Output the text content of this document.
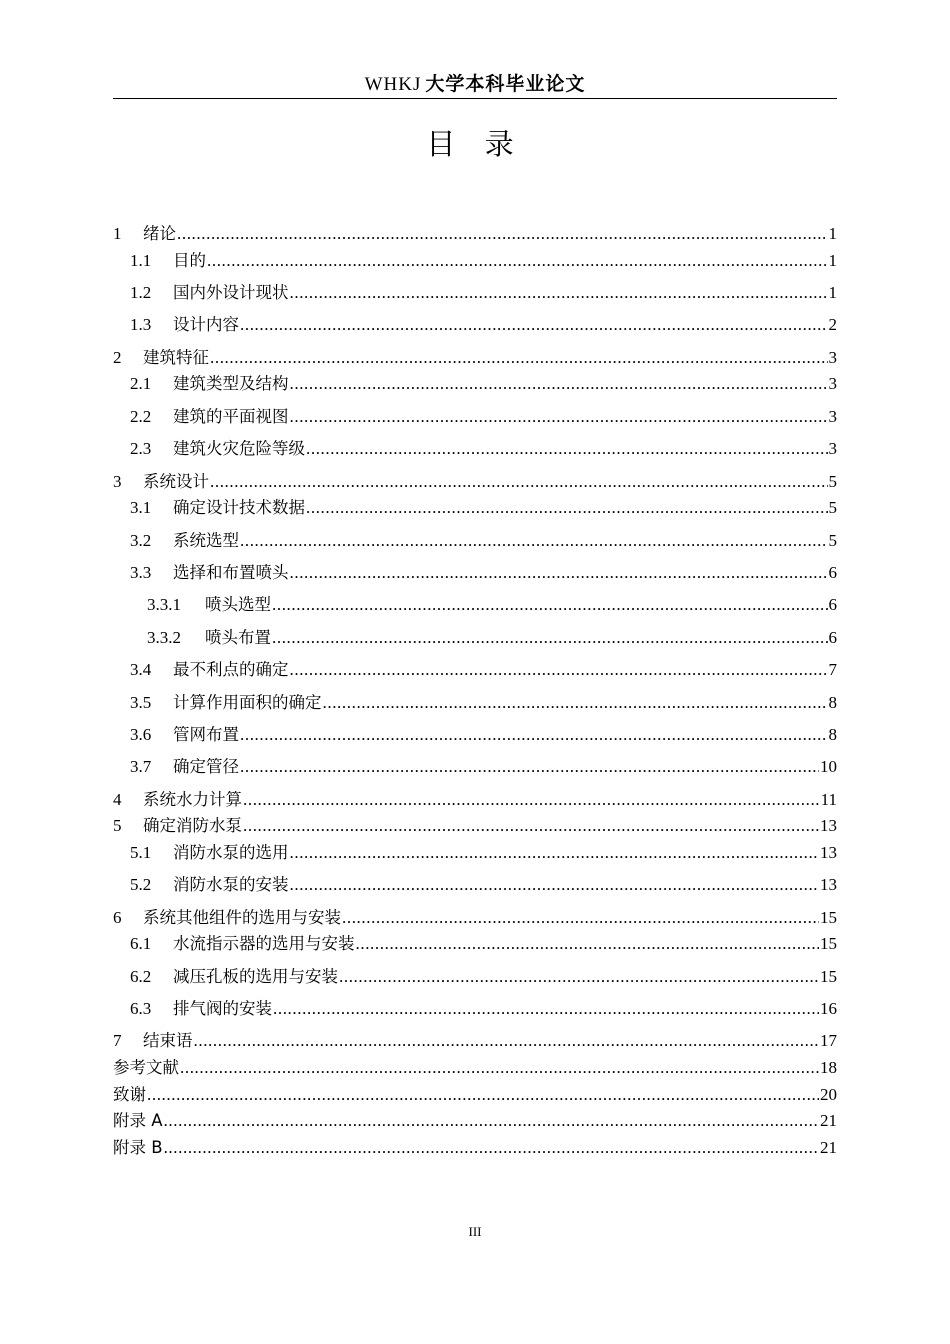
WHKJ 大学本科毕业论文
目 录
1	绪论 .....	1
1.1	目的 .....	1
1.2	国内外设计现状 .....	1
1.3	设计内容 .....	2
2	建筑特征 .....	3
2.1	建筑类型及结构 .....	3
2.2	建筑的平面视图 .....	3
2.3	建筑火灾危险等级 .....	3
3	系统设计 .....	5
3.1	确定设计技术数据 .....	5
3.2	系统选型 .....	5
3.3	选择和布置喷头 .....	6
3.3.1	喷头选型 .....	6
3.3.2	喷头布置 .....	6
3.4	最不利点的确定 .....	7
3.5	计算作用面积的确定 .....	8
3.6	管网布置 .....	8
3.7	确定管径 .....	10
4	系统水力计算 .....	11
5	确定消防水泵 .....	13
5.1	消防水泵的选用 .....	13
5.2	消防水泵的安装 .....	13
6	系统其他组件的选用与安装 .....	15
6.1	水流指示器的选用与安装 .....	15
6.2	减压孔板的选用与安装 .....	15
6.3	排气阀的安装 .....	16
7	结束语 .....	17
参考文献 .....	18
致谢 .....	20
附录 A .....	21
附录 B .....	21
III
